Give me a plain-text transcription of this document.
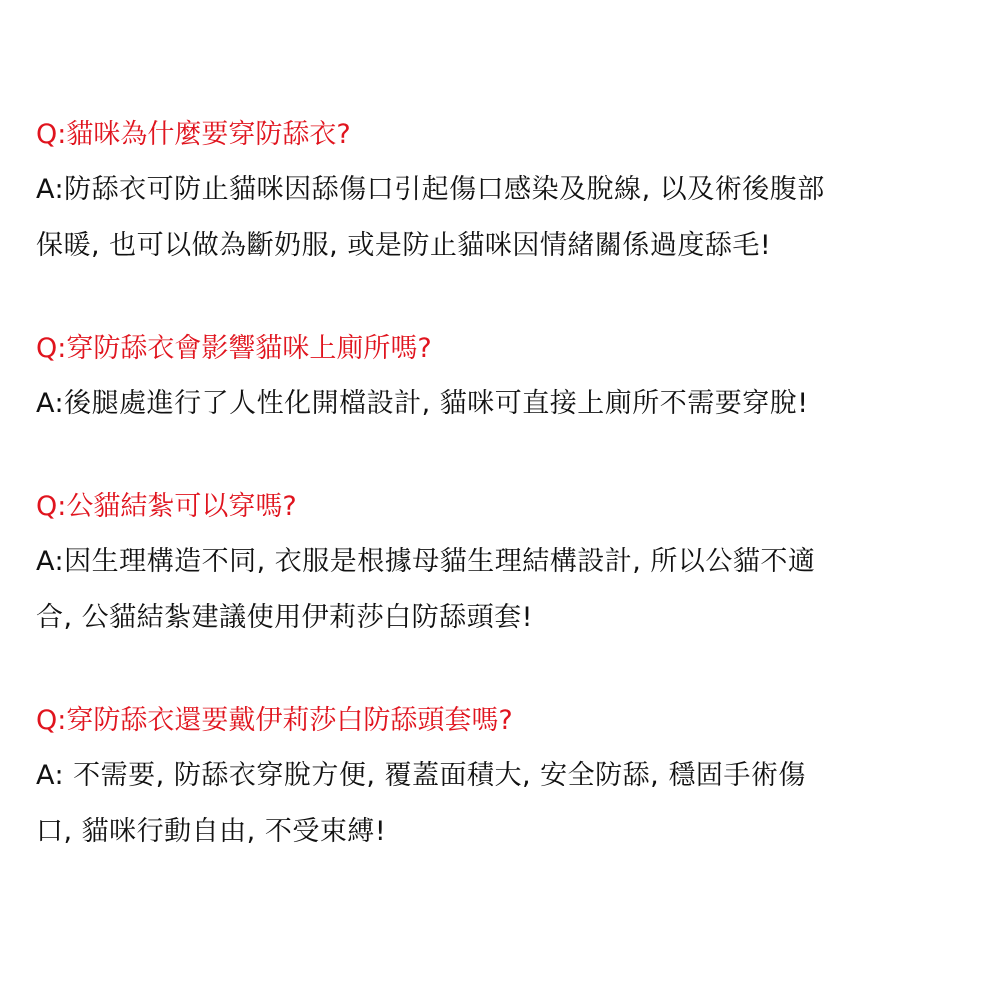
Q:貓咪為什麼要穿防舔衣?

A:防舔衣可防止貓咪因舔傷口引起傷口感染及脫線, 以及術後腹部
保暖, 也可以做為斷奶服, 或是防止貓咪因情緒關係過度舔毛!

Q:穿防舔衣會影響貓咪上廁所嗎?

A:後腿處進行了人性化開檔設計, 貓咪可直接上廁所不需要穿脫!

Q:公貓結紮可以穿嗎?

A:因生理構造不同, 衣服是根據母貓生理結構設計, 所以公貓不適
合, 公貓結紮建議使用伊莉莎白防舔頭套!

Q:穿防舔衣還要戴伊莉莎白防舔頭套嗎?

A: 不需要, 防舔衣穿脫方便, 覆蓋面積大, 安全防舔, 穩固手術傷
口, 貓咪行動自由, 不受束縛!
